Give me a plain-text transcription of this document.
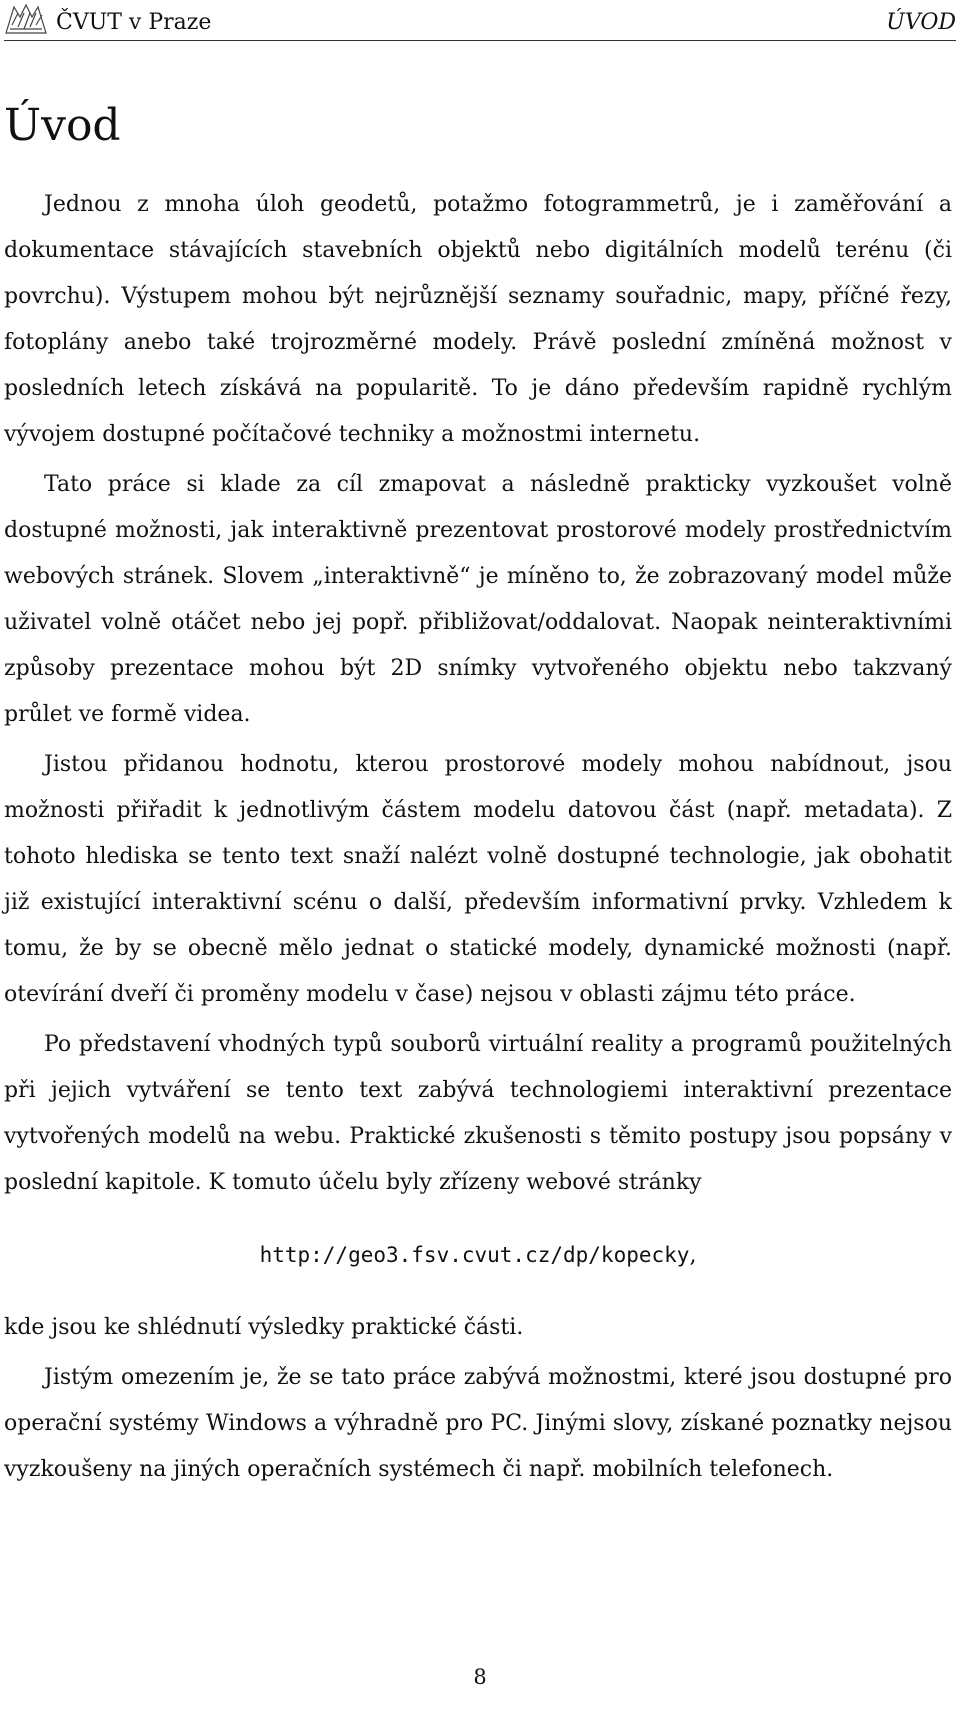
ČVUT v Praze	ÚVOD
Úvod

Jednou z mnoha úloh geodetů, potažmo fotogrammetrů, je i zaměřování a dokumentace stávajících stavebních objektů nebo digitálních modelů terénu (či povrchu). Výstupem mohou být nejrůznější seznamy souřadnic, mapy, příčné řezy, fotoplány anebo také trojrozměrné modely. Právě poslední zmíněná možnost v posledních letech získává na popularitě. To je dáno především rapidně rychlým vývojem dostupné počítačové techniky a možnostmi internetu.

Tato práce si klade za cíl zmapovat a následně prakticky vyzkoušet volně dostupné možnosti, jak interaktivně prezentovat prostorové modely prostřednictvím webových stránek. Slovem „interaktivně“ je míněno to, že zobrazovaný model může uživatel volně otáčet nebo jej popř. přibližovat/oddalovat. Naopak neinteraktivními způsoby prezentace mohou být 2D snímky vytvořeného objektu nebo takzvaný průlet ve formě videa.

Jistou přidanou hodnotu, kterou prostorové modely mohou nabídnout, jsou možnosti přiřadit k jednotlivým částem modelu datovou část (např. metadata). Z tohoto hlediska se tento text snaží nalézt volně dostupné technologie, jak obohatit již existující interaktivní scénu o další, především informativní prvky. Vzhledem k tomu, že by se obecně mělo jednat o statické modely, dynamické možnosti (např. otevírání dveří či proměny modelu v čase) nejsou v oblasti zájmu této práce.

Po představení vhodných typů souborů virtuální reality a programů použitelných při jejich vytváření se tento text zabývá technologiemi interaktivní prezentace vytvořených modelů na webu. Praktické zkušenosti s těmito postupy jsou popsány v poslední kapitole. K tomuto účelu byly zřízeny webové stránky

http://geo3.fsv.cvut.cz/dp/kopecky,

kde jsou ke shlédnutí výsledky praktické části.

Jistým omezením je, že se tato práce zabývá možnostmi, které jsou dostupné pro operační systémy Windows a výhradně pro PC. Jinými slovy, získané poznatky nejsou vyzkoušeny na jiných operačních systémech či např. mobilních telefonech.

8
